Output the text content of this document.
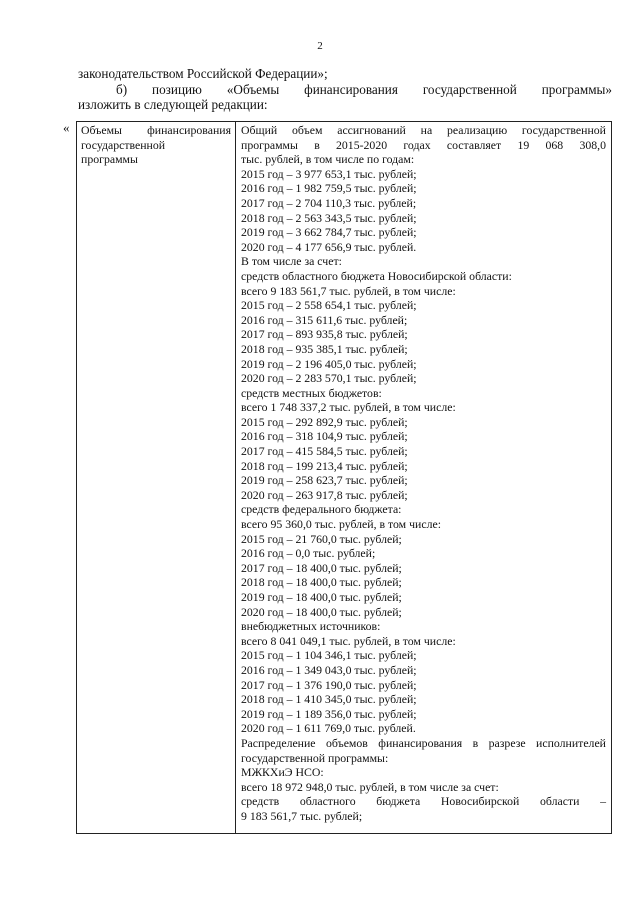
2
законодательством Российской Федерации»;
б) позицию «Объемы финансирования государственной программы»
изложить в следующей редакции:
« Объемы финансирования
государственной
программы
Общий объем ассигнований на реализацию государственной
программы в 2015-2020 годах составляет 19 068 308,0
тыс. рублей, в том числе по годам:
2015 год – 3 977 653,1 тыс. рублей;
2016 год – 1 982 759,5 тыс. рублей;
2017 год – 2 704 110,3 тыс. рублей;
2018 год – 2 563 343,5 тыс. рублей;
2019 год – 3 662 784,7 тыс. рублей;
2020 год – 4 177 656,9 тыс. рублей.
В том числе за счет:
средств областного бюджета Новосибирской области:
всего 9 183 561,7 тыс. рублей, в том числе:
2015 год – 2 558 654,1 тыс. рублей;
2016 год – 315 611,6 тыс. рублей;
2017 год – 893 935,8 тыс. рублей;
2018 год – 935 385,1 тыс. рублей;
2019 год – 2 196 405,0 тыс. рублей;
2020 год – 2 283 570,1 тыс. рублей;
средств местных бюджетов:
всего 1 748 337,2 тыс. рублей, в том числе:
2015 год – 292 892,9 тыс. рублей;
2016 год – 318 104,9 тыс. рублей;
2017 год – 415 584,5 тыс. рублей;
2018 год – 199 213,4 тыс. рублей;
2019 год – 258 623,7 тыс. рублей;
2020 год – 263 917,8 тыс. рублей;
средств федерального бюджета:
всего 95 360,0 тыс. рублей, в том числе:
2015 год – 21 760,0 тыс. рублей;
2016 год – 0,0 тыс. рублей;
2017 год – 18 400,0 тыс. рублей;
2018 год – 18 400,0 тыс. рублей;
2019 год – 18 400,0 тыс. рублей;
2020 год – 18 400,0 тыс. рублей;
внебюджетных источников:
всего 8 041 049,1 тыс. рублей, в том числе:
2015 год – 1 104 346,1 тыс. рублей;
2016 год – 1 349 043,0 тыс. рублей;
2017 год – 1 376 190,0 тыс. рублей;
2018 год – 1 410 345,0 тыс. рублей;
2019 год – 1 189 356,0 тыс. рублей;
2020 год – 1 611 769,0 тыс. рублей.
Распределение объемов финансирования в разрезе исполнителей
государственной программы:
МЖКХиЭ НСО:
всего 18 972 948,0 тыс. рублей, в том числе за счет:
средств областного бюджета Новосибирской области –
9 183 561,7 тыс. рублей;
